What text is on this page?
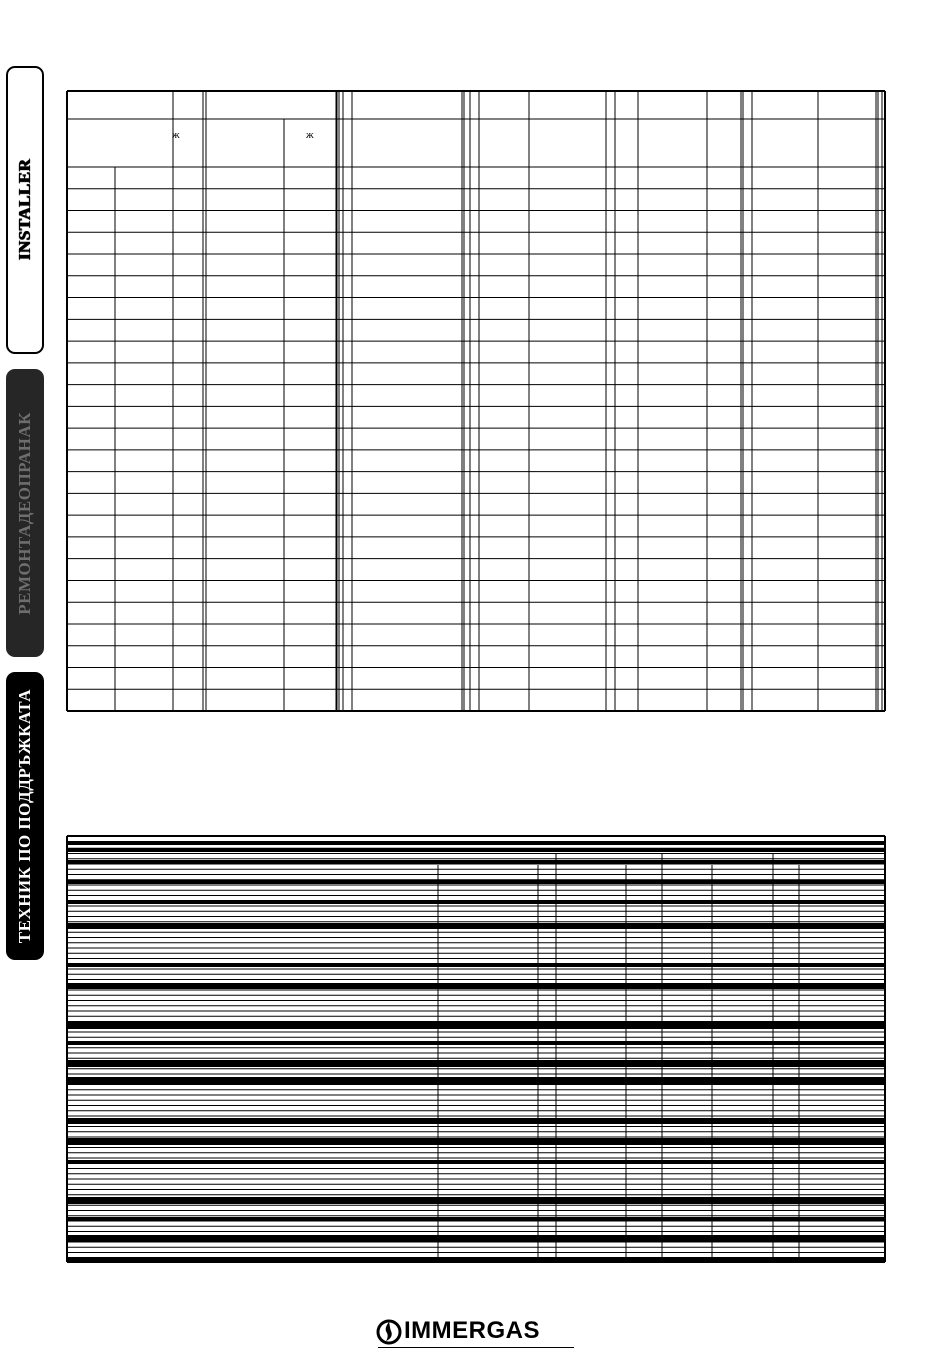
INSTALLER
РЕМОНТАДЕОПРАНАК
ТЕХНИК ПО ПОДДРЪЖКАТА
ж	ж
IMMERGAS
